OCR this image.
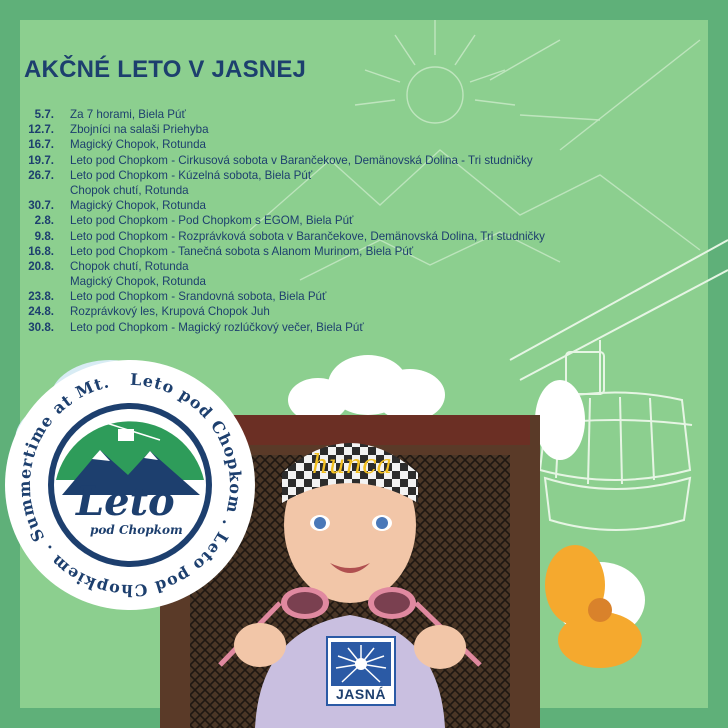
AKČNÉ LETO V JASNEJ
5.7. Za 7 horami, Biela Púť
12.7. Zbojníci na salaši Priehyba
16.7. Magický Chopok, Rotunda
19.7. Leto pod Chopkom - Cirkusová sobota v Barančekove, Demänovská Dolina - Tri studničky
26.7. Leto pod Chopkom - Kúzelná sobota, Biela Púť
Chopok chutí, Rotunda
30.7. Magický Chopok, Rotunda
2.8. Leto pod Chopkom - Pod Chopkom s EGOM, Biela Púť
9.8. Leto pod Chopkom - Rozprávková sobota v Barančekove, Demänovská Dolina, Tri studničky
16.8. Leto pod Chopkom - Tanečná sobota s Alanom Murinom, Biela Púť
20.8. Chopok chutí, Rotunda
Magický Chopok, Rotunda
23.8. Leto pod Chopkom - Srandovná sobota, Biela Púť
24.8. Rozprávkový les, Krupová Chopok Juh
30.8. Leto pod Chopkom - Magický rozlúčkový večer, Biela Púť
hunca
Leto pod Chopkom . Leto pod Chopkiem . Summertime at Mt.
Leto
pod Chopkom
JASNÁ
